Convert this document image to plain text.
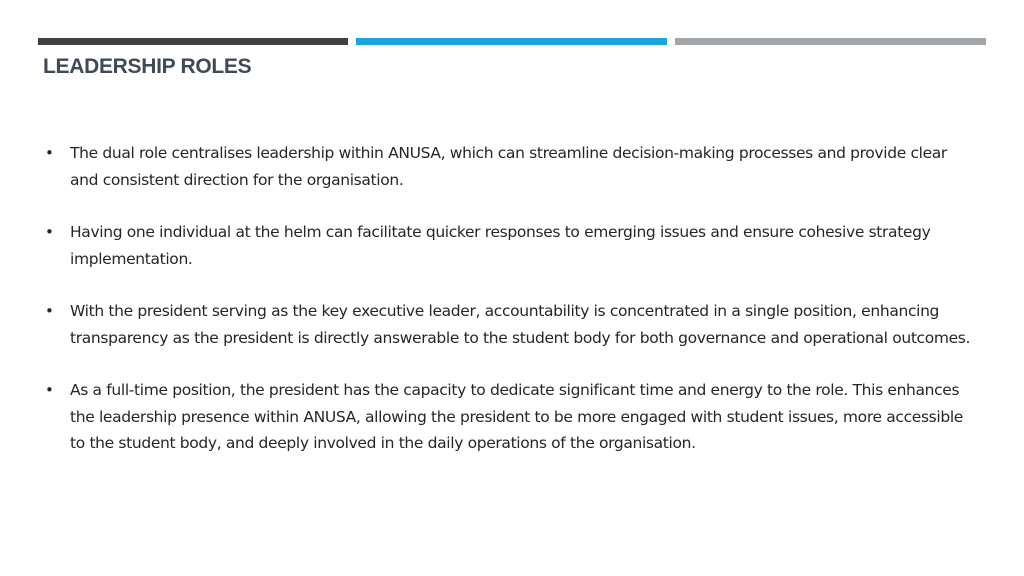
LEADERSHIP ROLES
• The dual role centralises leadership within ANUSA, which can streamline decision-making processes and provide clear and consistent direction for the organisation.
• Having one individual at the helm can facilitate quicker responses to emerging issues and ensure cohesive strategy implementation.
• With the president serving as the key executive leader, accountability is concentrated in a single position, enhancing transparency as the president is directly answerable to the student body for both governance and operational outcomes.
• As a full-time position, the president has the capacity to dedicate significant time and energy to the role. This enhances the leadership presence within ANUSA, allowing the president to be more engaged with student issues, more accessible to the student body, and deeply involved in the daily operations of the organisation.
